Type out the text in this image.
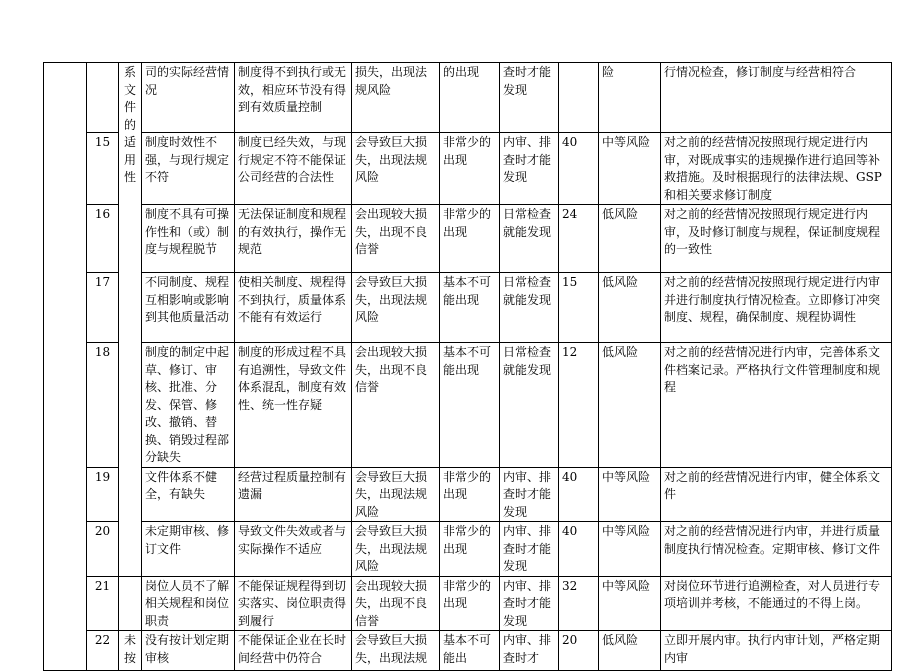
		系文件的适用性	司的实际经营情况	制度得不到执行或无效，相应环节没有得到有效质量控制	损失，出现法规风险	的出现	查时才能发现		险	行情况检查，修订制度与经营相符合
	15		制度时效性不强，与现行规定不符	制度已经失效，与现行规定不符不能保证公司经营的合法性	会导致巨大损失，出现法规风险	非常少的出现	内审、排查时才能发现	40	中等风险	对之前的经营情况按照现行规定进行内审，对既成事实的违规操作进行追回等补救措施。及时根据现行的法律法规、GSP和相关要求修订制度
	16		制度不具有可操作性和（或）制度与规程脱节	无法保证制度和规程的有效执行，操作无规范	会出现较大损失，出现不良信誉	非常少的出现	日常检查就能发现	24	低风险	对之前的经营情况按照现行规定进行内审，及时修订制度与规程，保证制度规程的一致性
	17		不同制度、规程互相影响或影响到其他质量活动	使相关制度、规程得不到执行，质量体系不能有有效运行	会导致巨大损失，出现法规风险	基本不可能出现	日常检查就能发现	15	低风险	对之前的经营情况按照现行规定进行内审并进行制度执行情况检查。立即修订冲突制度、规程，确保制度、规程协调性
	18		制度的制定中起草、修订、审核、批准、分发、保管、修改、撤销、替换、销毁过程部分缺失	制度的形成过程不具有追溯性，导致文件体系混乱，制度有效性、统一性存疑	会出现较大损失，出现不良信誉	基本不可能出现	日常检查就能发现	12	低风险	对之前的经营情况进行内审，完善体系文件档案记录。严格执行文件管理制度和规程
	19		文件体系不健全，有缺失	经营过程质量控制有遗漏	会导致巨大损失，出现法规风险	非常少的出现	内审、排查时才能发现	40	中等风险	对之前的经营情况进行内审，健全体系文件
	20		未定期审核、修订文件	导致文件失效或者与实际操作不适应	会导致巨大损失，出现法规风险	非常少的出现	内审、排查时才能发现	40	中等风险	对之前的经营情况进行内审，并进行质量制度执行情况检查。定期审核、修订文件
	21		岗位人员不了解相关规程和岗位职责	不能保证规程得到切实落实、岗位职责得到履行	会出现较大损失，出现不良信誉	非常少的出现	内审、排查时才能发现	32	中等风险	对岗位环节进行追溯检查，对人员进行专项培训并考核，不能通过的不得上岗。
	22	未按	没有按计划定期审核	不能保证企业在长时间经营中仍符合	会导致巨大损失，出现法规	基本不可能出	内审、排查时才	20	低风险	立即开展内审。执行内审计划，严格定期内审
